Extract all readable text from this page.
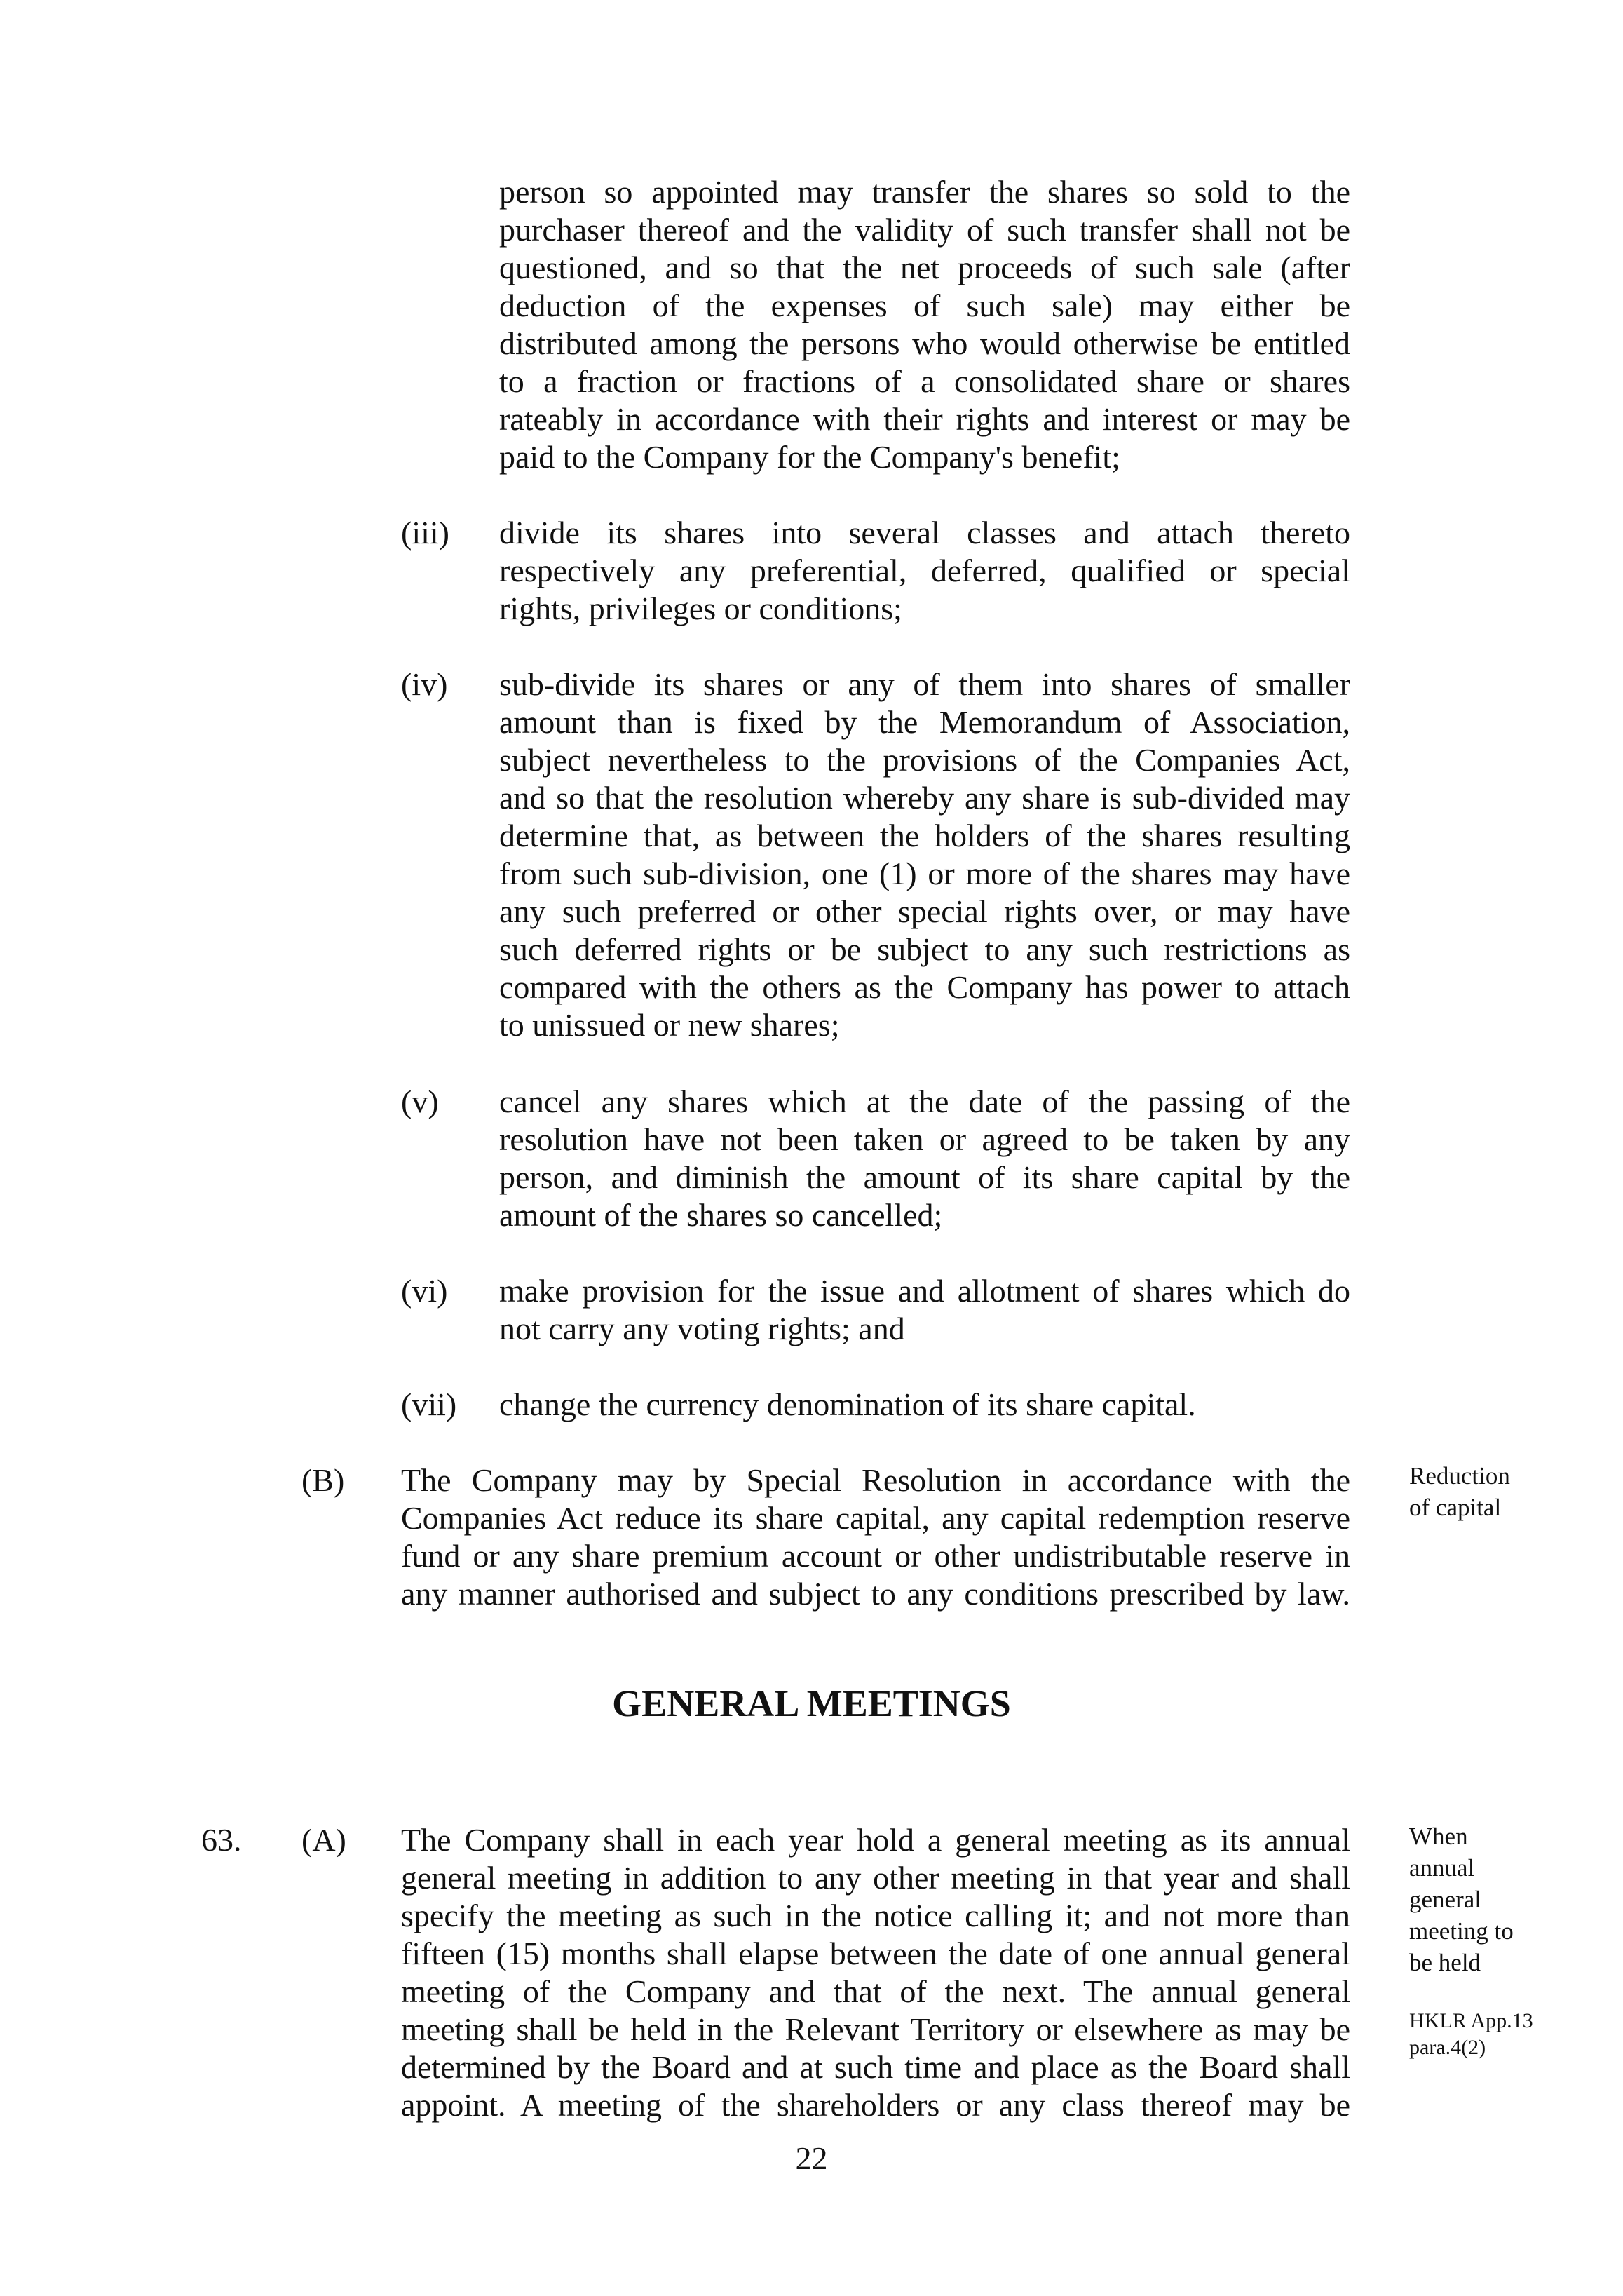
person so appointed may transfer the shares so sold to the
purchaser thereof and the validity of such transfer shall not be
questioned, and so that the net proceeds of such sale (after
deduction of the expenses of such sale) may either be
distributed among the persons who would otherwise be entitled
to a fraction or fractions of a consolidated share or shares
rateably in accordance with their rights and interest or may be
paid to the Company for the Company's benefit;
(iii) divide its shares into several classes and attach thereto
respectively any preferential, deferred, qualified or special
rights, privileges or conditions;
(iv) sub-divide its shares or any of them into shares of smaller
amount than is fixed by the Memorandum of Association,
subject nevertheless to the provisions of the Companies Act,
and so that the resolution whereby any share is sub-divided may
determine that, as between the holders of the shares resulting
from such sub-division, one (1) or more of the shares may have
any such preferred or other special rights over, or may have
such deferred rights or be subject to any such restrictions as
compared with the others as the Company has power to attach
to unissued or new shares;
(v) cancel any shares which at the date of the passing of the
resolution have not been taken or agreed to be taken by any
person, and diminish the amount of its share capital by the
amount of the shares so cancelled;
(vi) make provision for the issue and allotment of shares which do
not carry any voting rights; and
(vii) change the currency denomination of its share capital.
(B) The Company may by Special Resolution in accordance with the
Companies Act reduce its share capital, any capital redemption reserve
fund or any share premium account or other undistributable reserve in
any manner authorised and subject to any conditions prescribed by law.
Reduction
of capital
GENERAL MEETINGS
63. (A) The Company shall in each year hold a general meeting as its annual
general meeting in addition to any other meeting in that year and shall
specify the meeting as such in the notice calling it; and not more than
fifteen (15) months shall elapse between the date of one annual general
meeting of the Company and that of the next. The annual general
meeting shall be held in the Relevant Territory or elsewhere as may be
determined by the Board and at such time and place as the Board shall
appoint. A meeting of the shareholders or any class thereof may be
When
annual
general
meeting to
be held
HKLR App.13
para.4(2)
22
